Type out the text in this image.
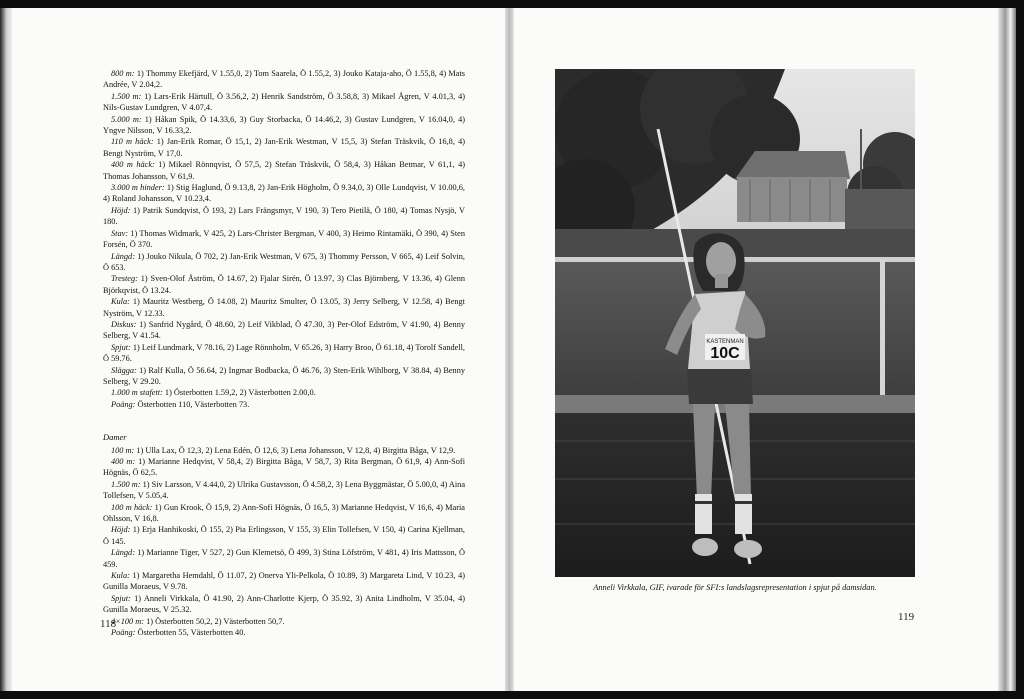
800 m: 1) Thommy Ekefjärd, V 1.55,0, 2) Tom Saarela, Ö 1.55,2, 3) Jouko Kataja-aho, Ö 1.55,8, 4) Mats Andrée, V 2.04,2.

1.500 m: 1) Lars-Erik Härtull, Ö 3.56,2, 2) Henrik Sandström, Ö 3.58,8, 3) Mikael Ågren, V 4.01,3, 4) Nils-Gustav Lundgren, V 4.07,4.

5.000 m: 1) Håkan Spik, Ö 14.33,6, 3) Guy Storbacka, Ö 14.46,2, 3) Gustav Lundgren, V 16.04,0, 4) Yngve Nilsson, V 16.33,2.

110 m häck: 1) Jan-Erik Romar, Ö 15,1, 2) Jan-Erik Westman, V 15,5, 3) Stefan Träskvik, Ö 16,8, 4) Bengt Nyström, V 17,0.

400 m häck: 1) Mikael Rönnqvist, Ö 57,5, 2) Stefan Träskvik, Ö 58,4, 3) Håkan Betmar, V 61,1, 4) Thomas Johansson, V 61,9.

3.000 m hinder: 1) Stig Haglund, Ö 9.13,8, 2) Jan-Erik Högholm, Ö 9.34,0, 3) Olle Lundqvist, V 10.00,6, 4) Roland Johansson, V 10.23,4.

Höjd: 1) Patrik Sundqvist, Ö 193, 2) Lars Frängsmyr, V 190, 3) Tero Pietilä, Ö 180, 4) Tomas Nysjö, V 180.

Stav: 1) Thomas Widmark, V 425, 2) Lars-Christer Bergman, V 400, 3) Heimo Rintamäki, Ö 390, 4) Sten Forsén, Ö 370.

Längd: 1) Jouko Nikula, Ö 702, 2) Jan-Erik Westman, V 675, 3) Thommy Persson, V 665, 4) Leif Solvin, Ö 653.

Tresteg: 1) Sven-Olof Åström, Ö 14.67, 2) Fjalar Sirén, Ö 13.97, 3) Clas Björnberg, V 13.36, 4) Glenn Björkqvist, Ö 13.24.

Kula: 1) Mauritz Westberg, Ö 14.08, 2) Mauritz Smulter, Ö 13.05, 3) Jerry Selberg, V 12.58, 4) Bengt Nyström, V 12.33.

Diskus: 1) Sanfrid Nygård, Ö 48.60, 2) Leif Vikblad, Ö 47.30, 3) Per-Olof Edström, V 41.90, 4) Benny Selberg, V 41.54.

Spjut: 1) Leif Lundmark, V 78.16, 2) Lage Rönnholm, V 65.26, 3) Harry Broo, Ö 61.18, 4) Torolf Sandell, Ö 59.76.

Slägga: 1) Ralf Kulla, Ö 56.64, 2) Ingmar Bodbacka, Ö 46.76, 3) Sten-Erik Wihlborg, V 38.84, 4) Benny Selberg, V 29.20.

1.000 m stafett: 1) Österbotten 1.59,2, 2) Västerbotten 2.00,0.

Poäng: Österbotten 110, Västerbotten 73.

Damer

100 m: 1) Ulla Lax, Ö 12,3, 2) Lena Edén, Ö 12,6, 3) Lena Johansson, V 12,8, 4) Birgitta Båga, V 12,9.

400 m: 1) Marianne Hedqvist, V 58,4, 2) Birgitta Båga, V 58,7, 3) Rita Bergman, Ö 61,9, 4) Ann-Sofi Högnäs, Ö 62,5.

1.500 m: 1) Siv Larsson, V 4.44,0, 2) Ulrika Gustavsson, Ö 4.58,2, 3) Lena Byggmästar, Ö 5.00,0, 4) Aina Tollefsen, V 5.05,4.

100 m häck: 1) Gun Krook, Ö 15,9, 2) Ann-Sofi Högnäs, Ö 16,5, 3) Marianne Hedqvist, V 16,6, 4) Maria Ohlsson, V 16,8.

Höjd: 1) Erja Hanhikoski, Ö 155, 2) Pia Erlingsson, V 155, 3) Elin Tollefsen, V 150, 4) Carina Kjellman, Ö 145.

Längd: 1) Marianne Tiger, V 527, 2) Gun Klemetsö, Ö 499, 3) Stina Löfström, V 481, 4) Iris Mattsson, Ö 459.

Kula: 1) Margaretha Hemdahl, Ö 11.07, 2) Onerva Yli-Pelkola, Ö 10.89, 3) Margareta Lind, V 10.23, 4) Gunilla Moraeus, V 9.78.

Spjut: 1) Anneli Virkkala, Ö 41.90, 2) Ann-Charlotte Kjerp, Ö 35.92, 3) Anita Lindholm, V 35.04, 4) Gunilla Moraeus, V 25.32.

4×100 m: 1) Österbotten 50,2, 2) Västerbotten 50,7.

Poäng: Österbotten 55, Västerbotten 40.

118
KASTENMAN
10C
Anneli Virkkala, GIF, ivarade för SFI:s landslagsrepresentation i spjut på damsidan.
119
